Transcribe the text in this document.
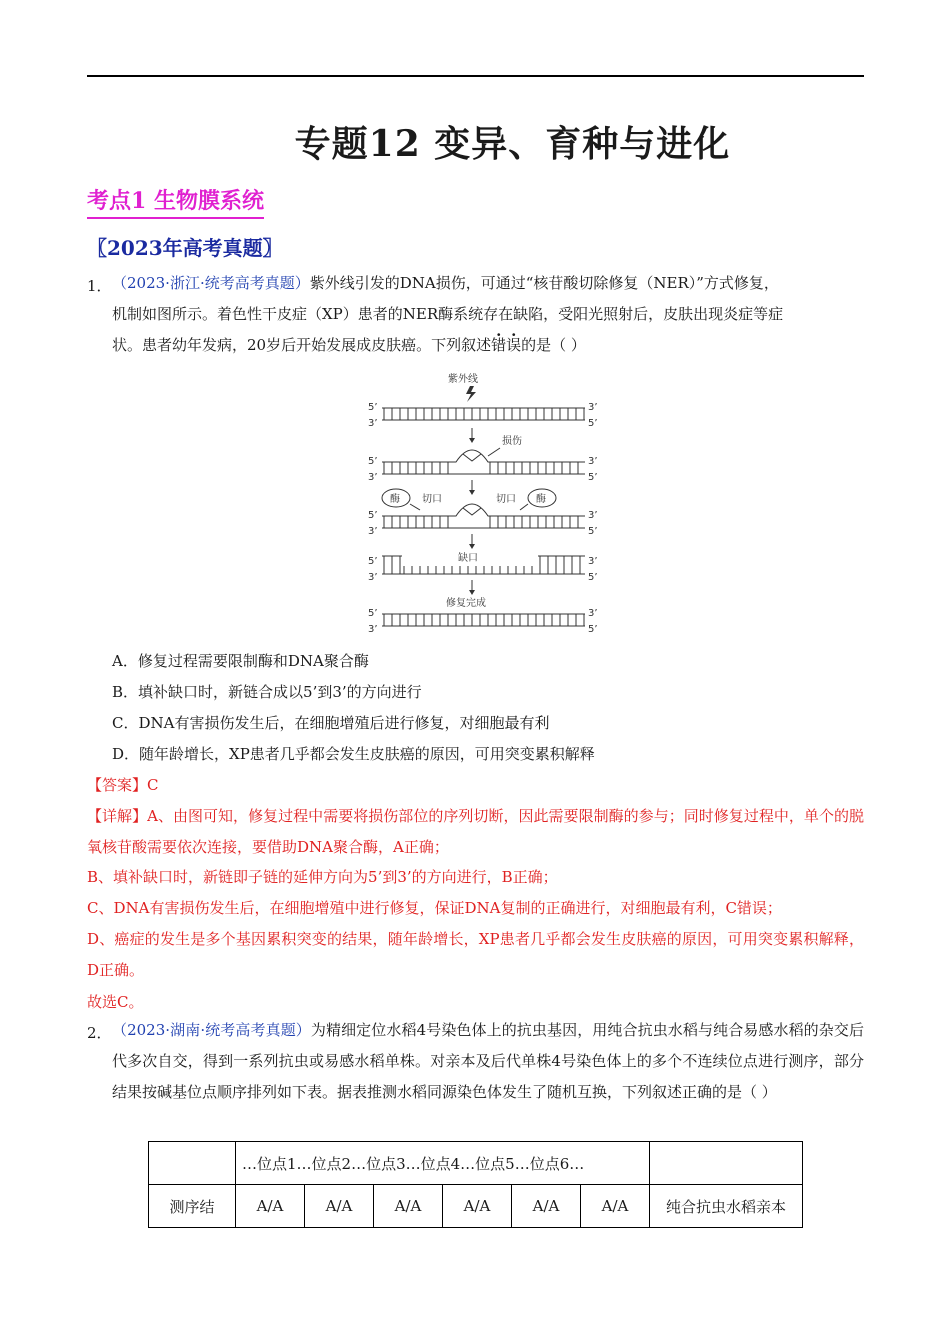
专题12 变异、育种与进化
考点1 生物膜系统
〖2023年高考真题〗
1． （2023·浙江·统考高考真题）紫外线引发的DNA损伤，可通过“核苷酸切除修复（NER）”方式修复，
机制如图所示。着色性干皮症（XP）患者的NER酶系统存在缺陷，受阳光照射后，皮肤出现炎症等症
状。患者幼年发病，20岁后开始发展成皮肤癌。下列叙述错误的是（ ）
紫外线
5’
3’
3’
5’
5’
3’
3’
5’
损伤
酶 切口	酶
切口
5’
3’
3’
5’
5’
3’
3’
5’
缺口
修复完成
5’
3’
3’
5’
A．修复过程需要限制酶和DNA聚合酶
B．填补缺口时，新链合成以5’到3’的方向进行
C．DNA有害损伤发生后，在细胞增殖后进行修复，对细胞最有利
D．随年龄增长，XP患者几乎都会发生皮肤癌的原因，可用突变累积解释
【答案】C
【详解】A、由图可知，修复过程中需要将损伤部位的序列切断，因此需要限制酶的参与；同时修复过程中，单个的脱氧核苷酸需要依次连接，要借助DNA聚合酶，A正确；
B、填补缺口时，新链即子链的延伸方向为5’到3’的方向进行，B正确；
C、DNA有害损伤发生后，在细胞增殖中进行修复，保证DNA复制的正确进行，对细胞最有利，C错误；
D、癌症的发生是多个基因累积突变的结果，随年龄增长，XP患者几乎都会发生皮肤癌的原因，可用突变累积解释，D正确。
故选C。
2． （2023·湖南·统考高考真题）为精细定位水稻4号染色体上的抗虫基因，用纯合抗虫水稻与纯合易感水稻的杂交后代多次自交，得到一系列抗虫或易感水稻单株。对亲本及后代单株4号染色体上的多个不连续位点进行测序，部分结果按碱基位点顺序排列如下表。据表推测水稻同源染色体发生了随机互换，下列叙述正确的是（ ）
	…位点1…位点2…位点3…位点4…位点5…位点6…						
测序结	A/A	A/A	A/A	A/A	A/A	A/A	纯合抗虫水稻亲本
